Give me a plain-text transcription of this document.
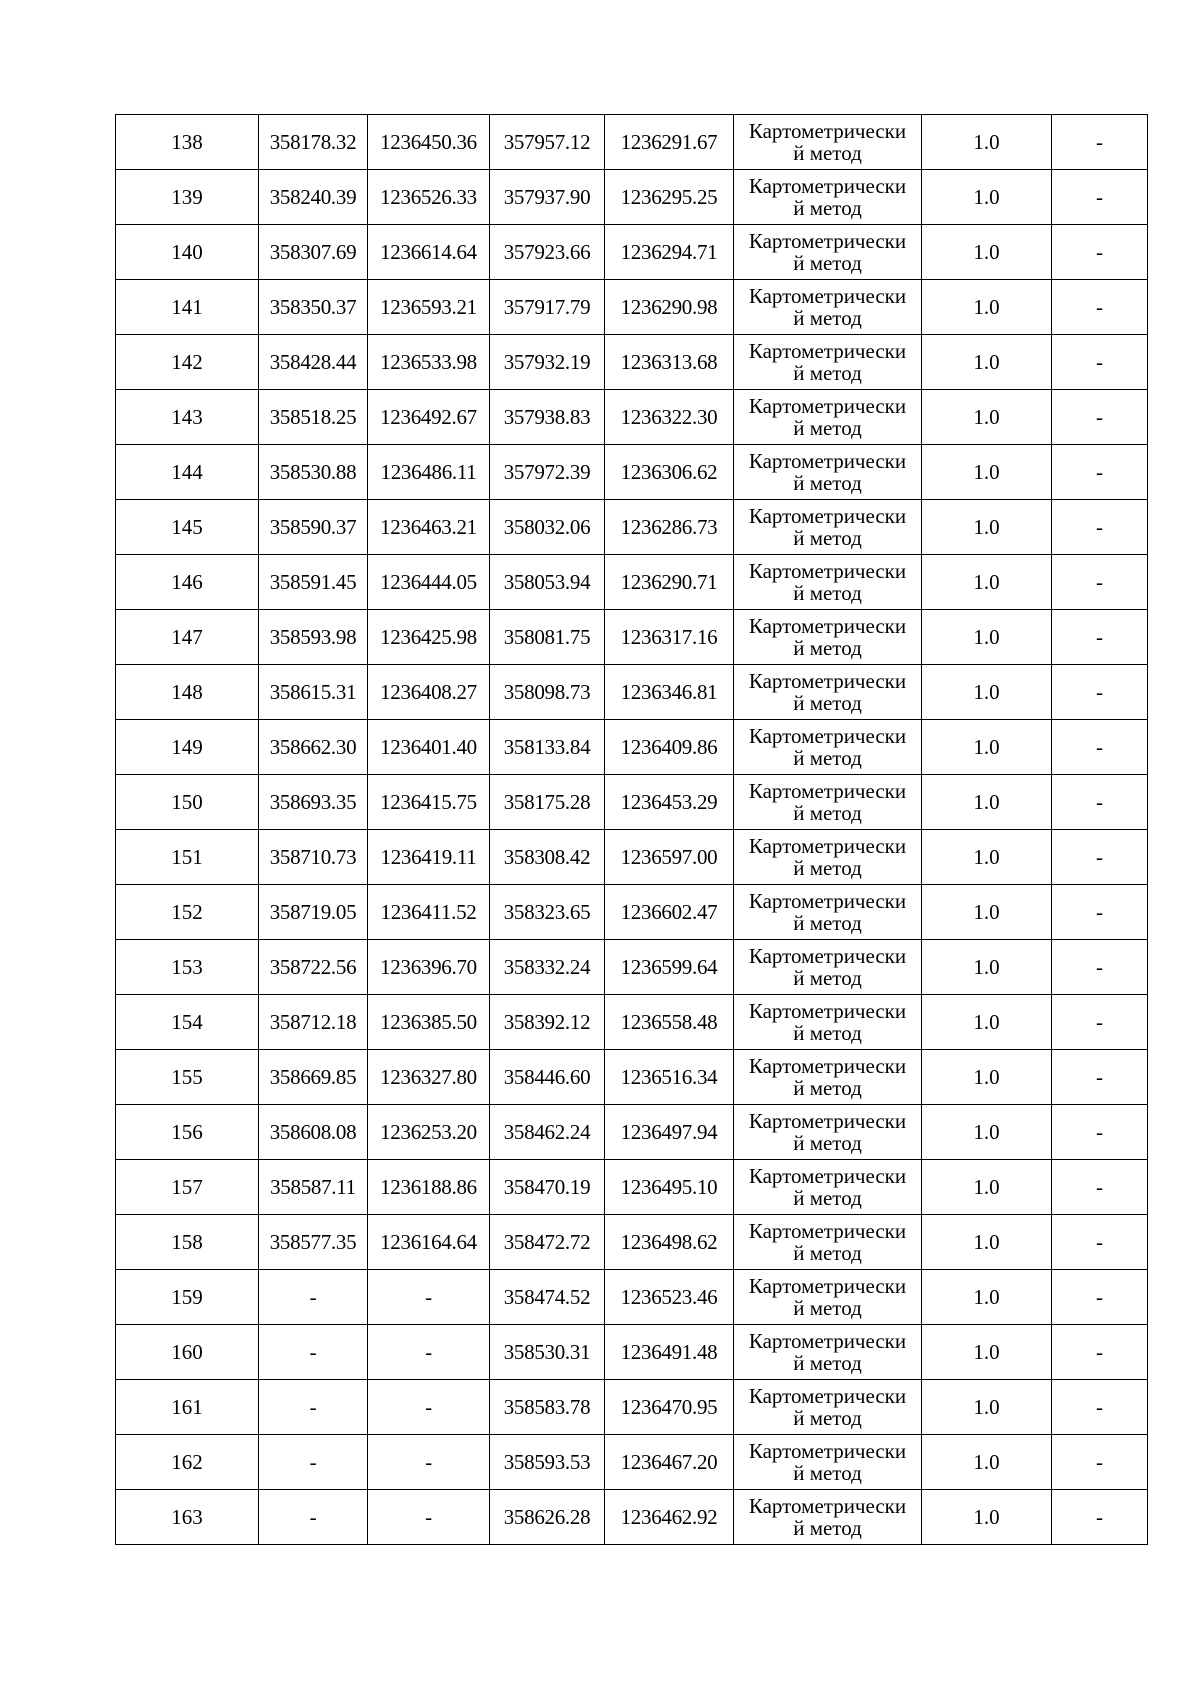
138	358178.32	1236450.36	357957.12	1236291.67	Картометрически
й метод	1.0	-
139	358240.39	1236526.33	357937.90	1236295.25	Картометрически
й метод	1.0	-
140	358307.69	1236614.64	357923.66	1236294.71	Картометрически
й метод	1.0	-
141	358350.37	1236593.21	357917.79	1236290.98	Картометрически
й метод	1.0	-
142	358428.44	1236533.98	357932.19	1236313.68	Картометрически
й метод	1.0	-
143	358518.25	1236492.67	357938.83	1236322.30	Картометрически
й метод	1.0	-
144	358530.88	1236486.11	357972.39	1236306.62	Картометрически
й метод	1.0	-
145	358590.37	1236463.21	358032.06	1236286.73	Картометрически
й метод	1.0	-
146	358591.45	1236444.05	358053.94	1236290.71	Картометрически
й метод	1.0	-
147	358593.98	1236425.98	358081.75	1236317.16	Картометрически
й метод	1.0	-
148	358615.31	1236408.27	358098.73	1236346.81	Картометрически
й метод	1.0	-
149	358662.30	1236401.40	358133.84	1236409.86	Картометрически
й метод	1.0	-
150	358693.35	1236415.75	358175.28	1236453.29	Картометрически
й метод	1.0	-
151	358710.73	1236419.11	358308.42	1236597.00	Картометрически
й метод	1.0	-
152	358719.05	1236411.52	358323.65	1236602.47	Картометрически
й метод	1.0	-
153	358722.56	1236396.70	358332.24	1236599.64	Картометрически
й метод	1.0	-
154	358712.18	1236385.50	358392.12	1236558.48	Картометрически
й метод	1.0	-
155	358669.85	1236327.80	358446.60	1236516.34	Картометрически
й метод	1.0	-
156	358608.08	1236253.20	358462.24	1236497.94	Картометрически
й метод	1.0	-
157	358587.11	1236188.86	358470.19	1236495.10	Картометрически
й метод	1.0	-
158	358577.35	1236164.64	358472.72	1236498.62	Картометрически
й метод	1.0	-
159	-	-	358474.52	1236523.46	Картометрически
й метод	1.0	-
160	-	-	358530.31	1236491.48	Картометрически
й метод	1.0	-
161	-	-	358583.78	1236470.95	Картометрически
й метод	1.0	-
162	-	-	358593.53	1236467.20	Картометрически
й метод	1.0	-
163	-	-	358626.28	1236462.92	Картометрически
й метод	1.0	-
